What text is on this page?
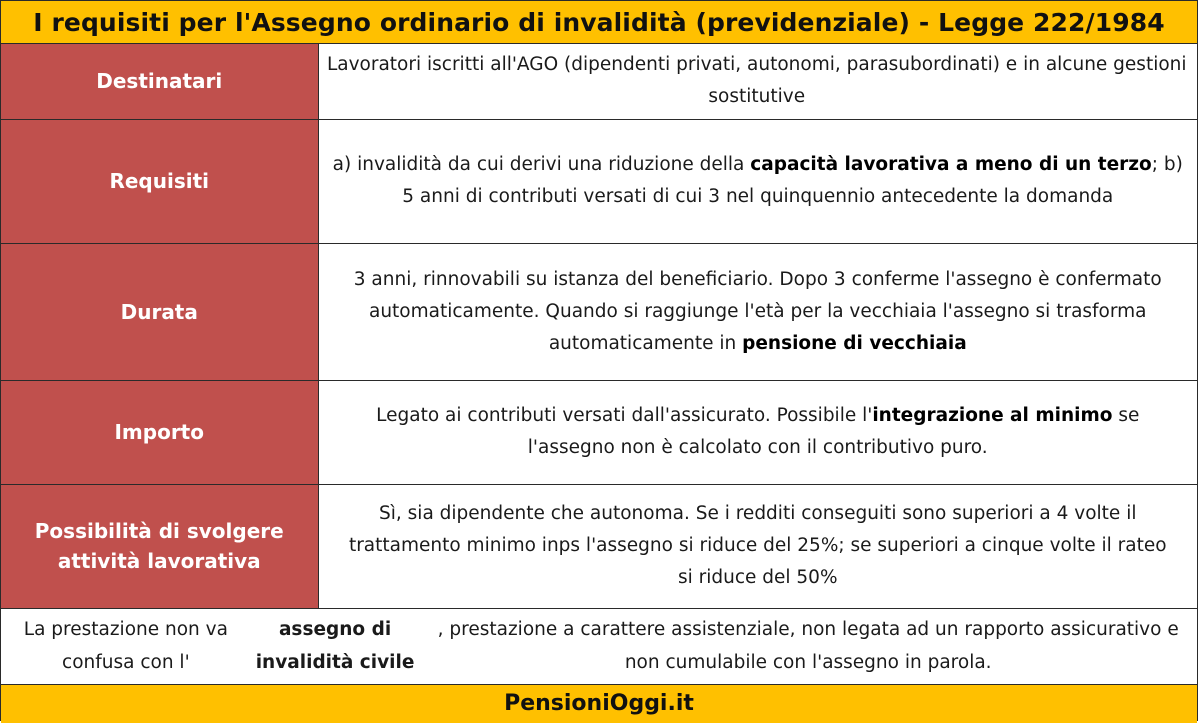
I requisiti per l'Assegno ordinario di invalidità (previdenziale) - Legge 222/1984
Destinatari	Lavoratori iscritti all'AGO (dipendenti privati, autonomi, parasubordinati) e in alcune gestioni sostitutive
Requisiti	a) invalidità da cui derivi una riduzione della capacità lavorativa a meno di un terzo; b) 5 anni di contributi versati di cui 3 nel quinquennio antecedente la domanda
Durata	3 anni, rinnovabili su istanza del beneficiario. Dopo 3 conferme l'assegno è confermato automaticamente. Quando si raggiunge l'età per la vecchiaia l'assegno si trasforma automaticamente in pensione di vecchiaia
Importo	Legato ai contributi versati dall'assicurato. Possibile l'integrazione al minimo se l'assegno non è calcolato con il contributivo puro.
Possibilità di svolgere attività lavorativa	Sì, sia dipendente che autonoma. Se i redditi conseguiti sono superiori a 4 volte il trattamento minimo inps l'assegno si riduce del 25%; se superiori a cinque volte il rateo si riduce del 50%
La prestazione non va confusa con l'
assegno di invalidità civile
, prestazione a carattere assistenziale, non legata ad un rapporto assicurativo e non cumulabile con l'assegno in parola.
PensioniOggi.it
